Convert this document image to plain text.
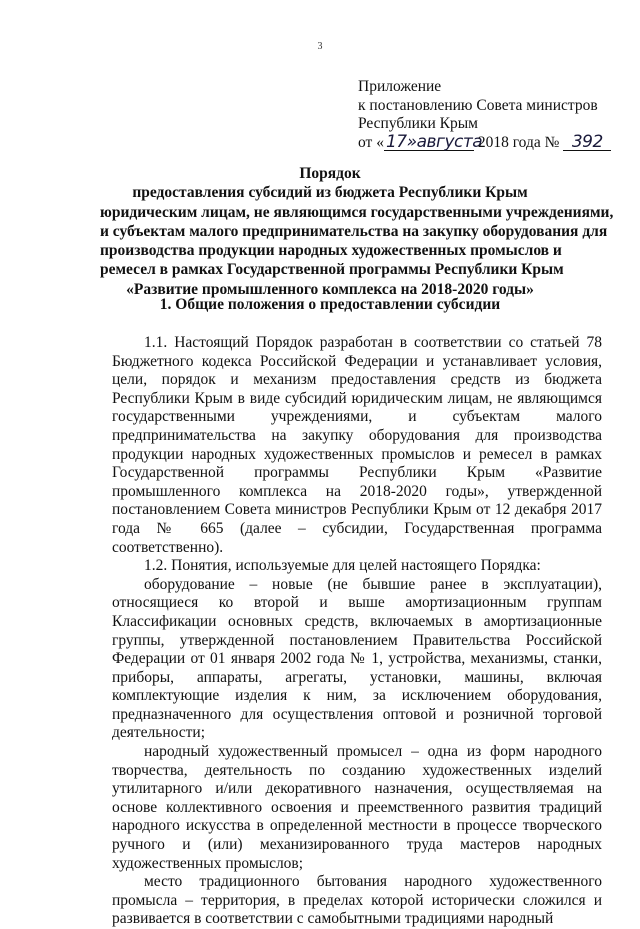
3
Приложение
к постановлению Совета министров
Республики Крым
от « 17»августа 2018 года № 392
Порядок
предоставления субсидий из бюджета Республики Крым
юридическим лицам, не являющимся государственными учреждениями,
и субъектам малого предпринимательства на закупку оборудования для
производства продукции народных художественных промыслов и
ремесел в рамках Государственной программы Республики Крым
«Развитие промышленного комплекса на 2018-2020 годы»
1. Общие положения о предоставлении субсидии

1.1. Настоящий Порядок разработан в соответствии со статьей 78 Бюджетного кодекса Российской Федерации и устанавливает условия, цели, порядок и механизм предоставления средств из бюджета Республики Крым в виде субсидий юридическим лицам, не являющимся государственными учреждениями, и субъектам малого предпринимательства на закупку оборудования для производства продукции народных художественных промыслов и ремесел в рамках Государственной программы Республики Крым «Развитие промышленного комплекса на 2018-2020 годы», утвержденной постановлением Совета министров Республики Крым от 12 декабря 2017 года № 665 (далее – субсидии, Государственная программа соответственно).

1.2. Понятия, используемые для целей настоящего Порядка:

оборудование – новые (не бывшие ранее в эксплуатации), относящиеся ко второй и выше амортизационным группам Классификации основных средств, включаемых в амортизационные группы, утвержденной постановлением Правительства Российской Федерации от 01 января 2002 года № 1, устройства, механизмы, станки, приборы, аппараты, агрегаты, установки, машины, включая комплектующие изделия к ним, за исключением оборудования, предназначенного для осуществления оптовой и розничной торговой деятельности;

народный художественный промысел – одна из форм народного творчества, деятельность по созданию художественных изделий утилитарного и/или декоративного назначения, осуществляемая на основе коллективного освоения и преемственного развития традиций народного искусства в определенной местности в процессе творческого ручного и (или) механизированного труда мастеров народных художественных промыслов;

место традиционного бытования народного художественного промысла – территория, в пределах которой исторически сложился и развивается в соответствии с самобытными традициями народный
